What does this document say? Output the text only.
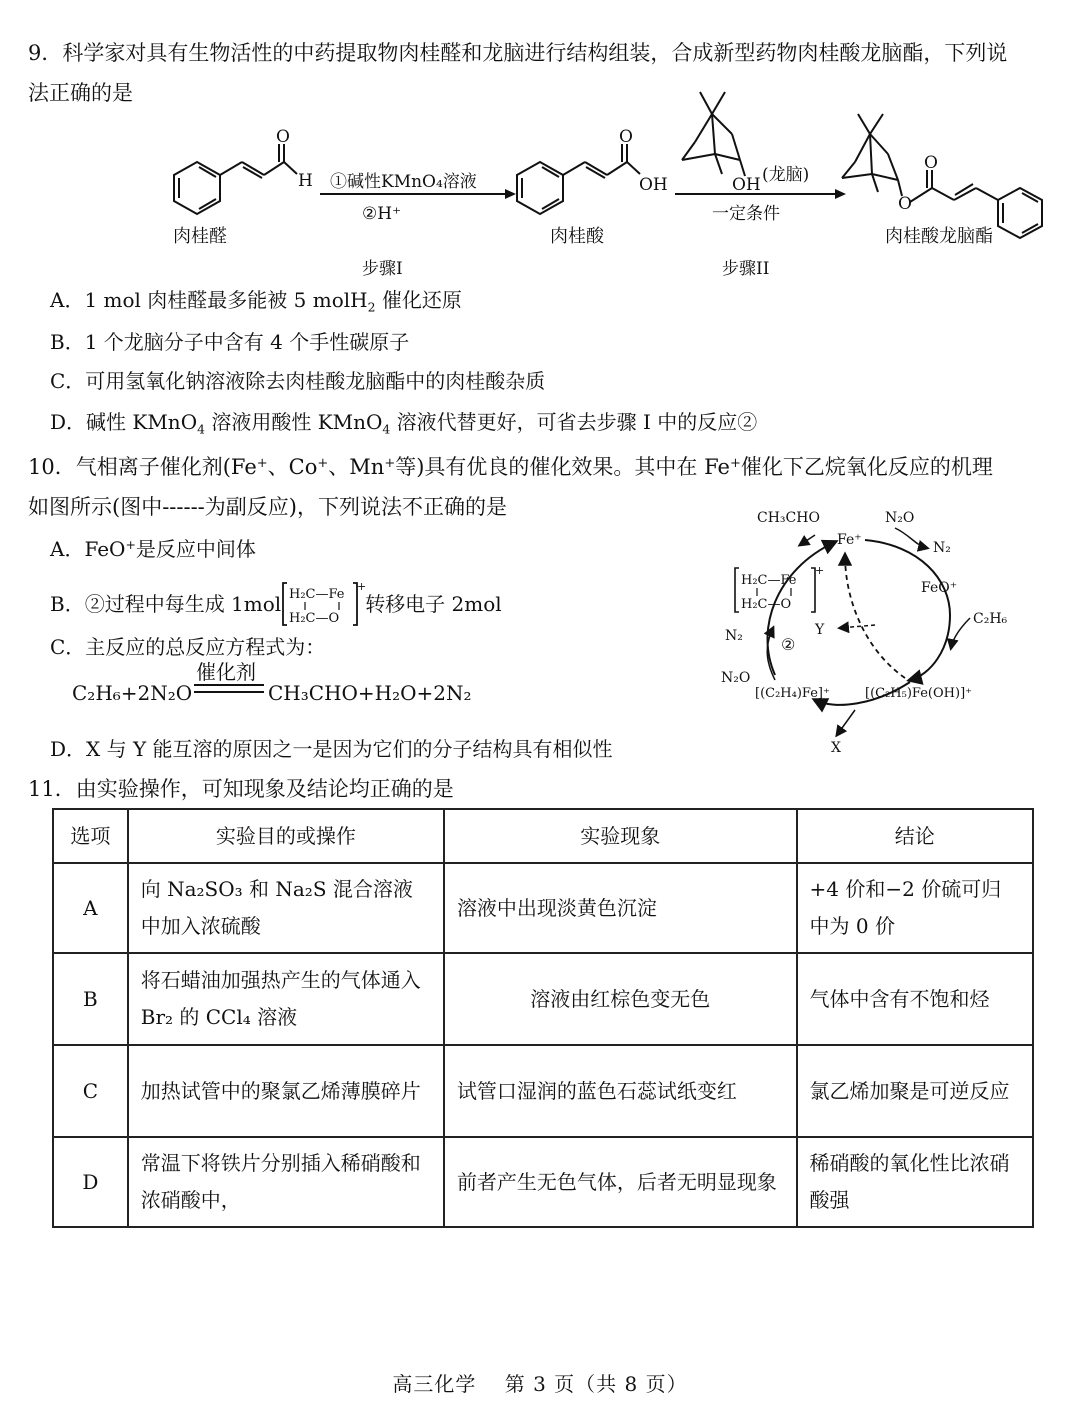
9．科学家对具有生物活性的中药提取物肉桂醛和龙脑进行结构组装，合成新型药物肉桂酸龙脑酯，下列说
法正确的是
O
H
肉桂醛
①碱性KMnO₄溶液
②H⁺
步骤I
O
OH
肉桂酸
OH (龙脑)
一定条件
步骤II
O
O
肉桂酸龙脑酯
A．1 mol 肉桂醛最多能被 5 molH$_2$ 催化还原
B．1 个龙脑分子中含有 4 个手性碳原子
C．可用氢氧化钠溶液除去肉桂酸龙脑酯中的肉桂酸杂质
D．碱性 KMnO$_4$ 溶液用酸性 KMnO$_4$ 溶液代替更好，可省去步骤 I 中的反应②
10．气相离子催化剂(Fe+、Co+、Mn+等)具有优良的催化效果。其中在 Fe+催化下乙烷氧化反应的机理
如图所示(图中------为副反应)，下列说法不正确的是
A．FeO+是反应中间体
B．②过程中每生成 1mol H₂C—Fe
H₂C—O
+
转移电子 2mol
C．主反应的总反应方程式为：
催化剂
C₂H₆+2N₂O	CH₃CHO+H₂O+2N₂
D．X 与 Y 能互溶的原因之一是因为它们的分子结构具有相似性
CH₃CHO
Fe⁺
N₂O
N₂
FeO⁺
C₂H₆
Y
②
N₂
N₂O
[(C₂H₄)Fe]⁺	[(C₂H₅)Fe(OH)]⁺
X
H₂C—Fe
H₂C—O
+
11．由实验操作，可知现象及结论均正确的是
选项	实验目的或操作	实验现象	结论
A	向 Na₂SO₃ 和 Na₂S 混合溶液中加入浓硫酸	溶液中出现淡黄色沉淀	+4 价和−2 价硫可归中为 0 价
B	将石蜡油加强热产生的气体通入 Br₂ 的 CCl₄ 溶液	溶液由红棕色变无色	气体中含有不饱和烃
C	加热试管中的聚氯乙烯薄膜碎片	试管口湿润的蓝色石蕊试纸变红	氯乙烯加聚是可逆反应
D	常温下将铁片分别插入稀硝酸和浓硝酸中，	前者产生无色气体，后者无明显现象	稀硝酸的氧化性比浓硝酸强
高三化学　 第 3 页（共 8 页）
